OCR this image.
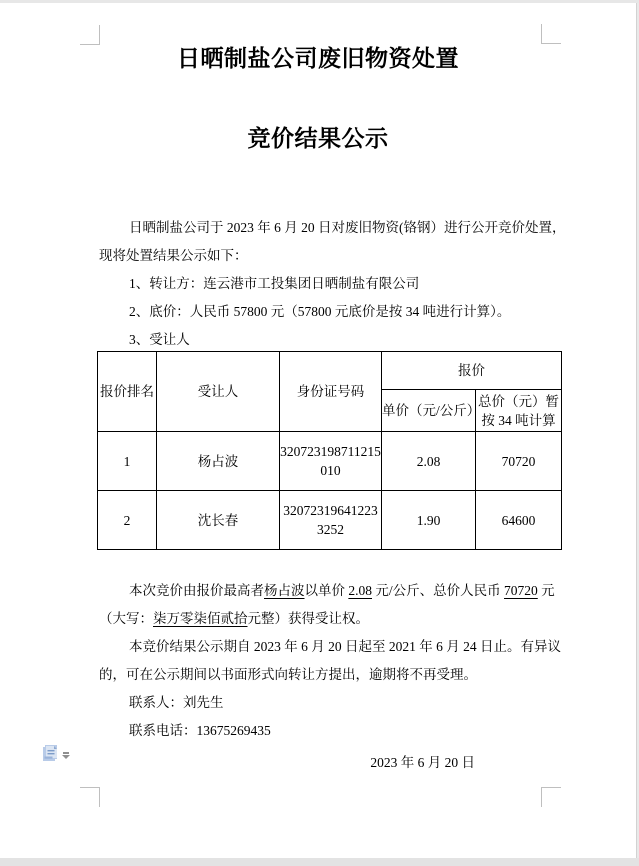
日晒制盐公司废旧物资处置
竞价结果公示
日晒制盐公司于 2023 年 6 月 20 日对废旧物资(铬钢）进行公开竞价处置，
现将处置结果公示如下：
1、转让方：连云港市工投集团日晒制盐有限公司
2、底价：人民币 57800 元（57800 元底价是按 34 吨进行计算）。
3、受让人
报价排名	受让人	身份证号码	报价	
			单价（元/公斤）	总价（元）暂按 34 吨计算
1	杨占波	320723198711215010	2.08	70720
2	沈长春	320723196412233252	1.90	64600
本次竞价由报价最高者杨占波以单价 2.08 元/公斤、总价人民币 70720 元
（大写：柒万零柒佰贰拾元整）获得受让权。
本竞价结果公示期自 2023 年 6 月 20 日起至 2021 年 6 月 24 日止。有异议
的，可在公示期间以书面形式向转让方提出，逾期将不再受理。
联系人：刘先生
联系电话：13675269435
2023 年 6 月 20 日
